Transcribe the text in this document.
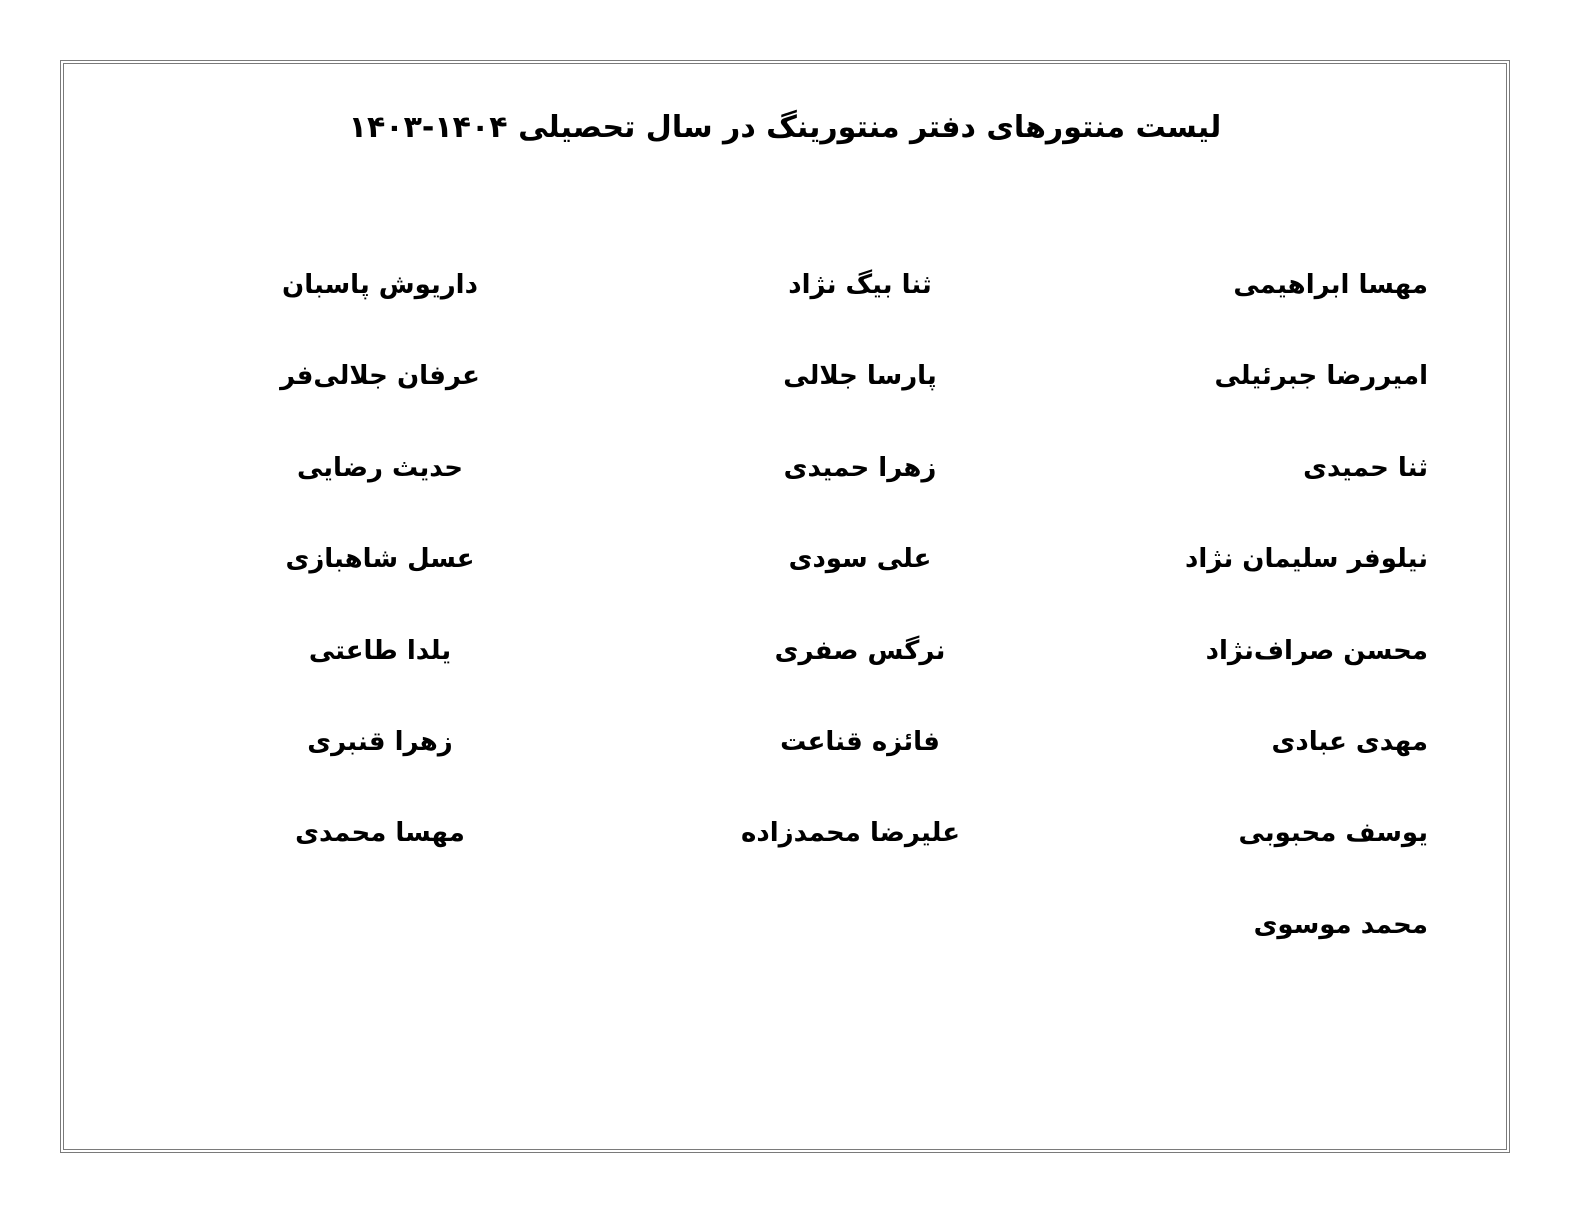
لیست منتورهای دفتر منتورینگ در سال تحصیلی ۱۴۰۴-۱۴۰۳
مهسا ابراهیمی
امیررضا جبرئیلی
ثنا حمیدی
نیلوفر سلیمان نژاد
محسن صراف‌نژاد
مهدی عبادی
یوسف محبوبی
محمد موسوی
ثنا بیگ نژاد
پارسا جلالی
زهرا حمیدی
علی سودی
نرگس صفری
فائزه قناعت
علیرضا محمدزاده
داریوش پاسبان
عرفان جلالی‌فر
حدیث رضایی
عسل شاهبازی
یلدا طاعتی
زهرا قنبری
مهسا محمدی
